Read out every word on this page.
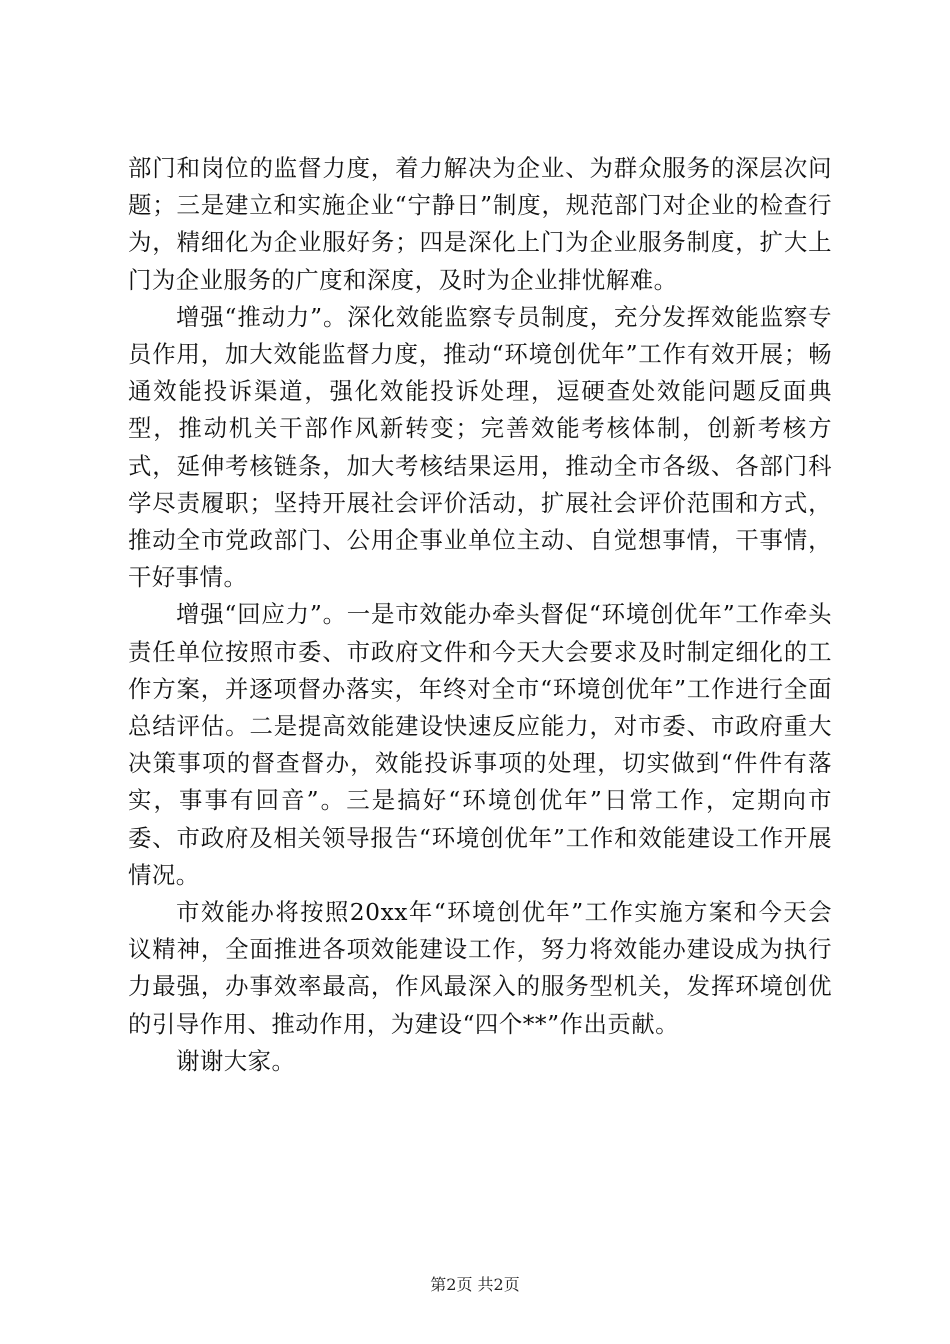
部门和岗位的监督力度，着力解决为企业、为群众服务的深层次问题；三是建立和实施企业“宁静日”制度，规范部门对企业的检查行为，精细化为企业服好务；四是深化上门为企业服务制度，扩大上门为企业服务的广度和深度，及时为企业排忧解难。

增强“推动力”。深化效能监察专员制度，充分发挥效能监察专员作用，加大效能监督力度，推动“环境创优年”工作有效开展；畅通效能投诉渠道，强化效能投诉处理，逗硬查处效能问题反面典型，推动机关干部作风新转变；完善效能考核体制，创新考核方式，延伸考核链条，加大考核结果运用，推动全市各级、各部门科学尽责履职；坚持开展社会评价活动，扩展社会评价范围和方式，推动全市党政部门、公用企事业单位主动、自觉想事情，干事情，干好事情。

增强“回应力”。一是市效能办牵头督促“环境创优年”工作牵头责任单位按照市委、市政府文件和今天大会要求及时制定细化的工作方案，并逐项督办落实，年终对全市“环境创优年”工作进行全面总结评估。二是提高效能建设快速反应能力，对市委、市政府重大决策事项的督查督办，效能投诉事项的处理，切实做到“件件有落实，事事有回音”。三是搞好“环境创优年”日常工作，定期向市委、市政府及相关领导报告“环境创优年”工作和效能建设工作开展情况。

市效能办将按照20xx年“环境创优年”工作实施方案和今天会议精神，全面推进各项效能建设工作，努力将效能办建设成为执行力最强，办事效率最高，作风最深入的服务型机关，发挥环境创优的引导作用、推动作用，为建设“四个**”作出贡献。

谢谢大家。

第2页 共2页
